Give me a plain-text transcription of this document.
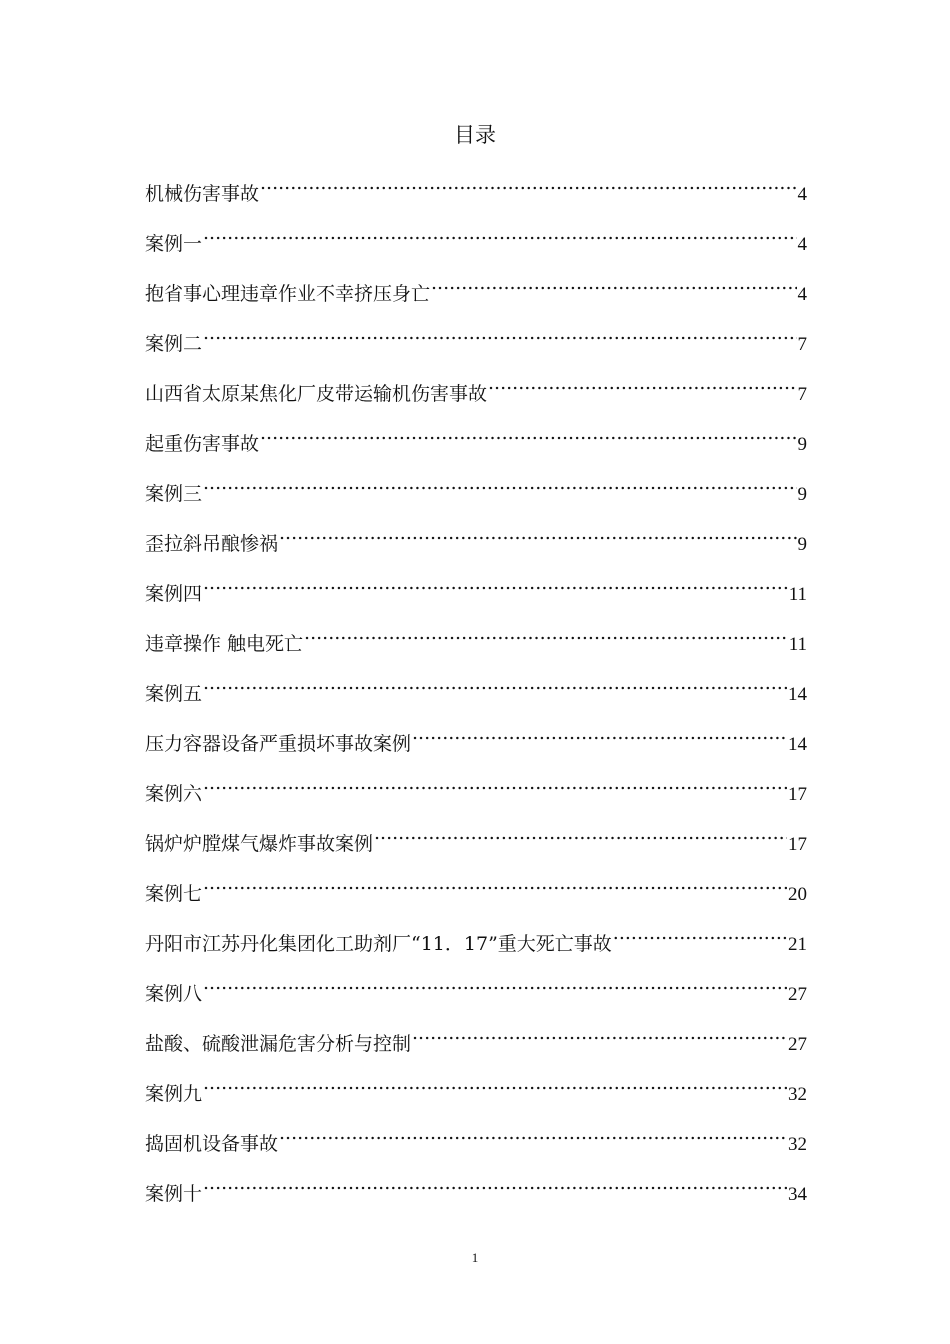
目录
机械伤害事故 .....	4
案例一 .....	4
抱省事心理违章作业不幸挤压身亡 .....	4
案例二 .....	7
山西省太原某焦化厂皮带运输机伤害事故 .....	7
起重伤害事故 .....	9
案例三 .....	9
歪拉斜吊酿惨祸 .....	9
案例四 .....	11
违章操作 触电死亡 .....	11
案例五 .....	14
压力容器设备严重损坏事故案例 .....	14
案例六 .....	17
锅炉炉膛煤气爆炸事故案例 .....	17
案例七 .....	20
丹阳市江苏丹化集团化工助剂厂“11．17”重大死亡事故 .....	21
案例八 .....	27
盐酸、硫酸泄漏危害分析与控制 .....	27
案例九 .....	32
捣固机设备事故 .....	32
案例十 .....	34
1
